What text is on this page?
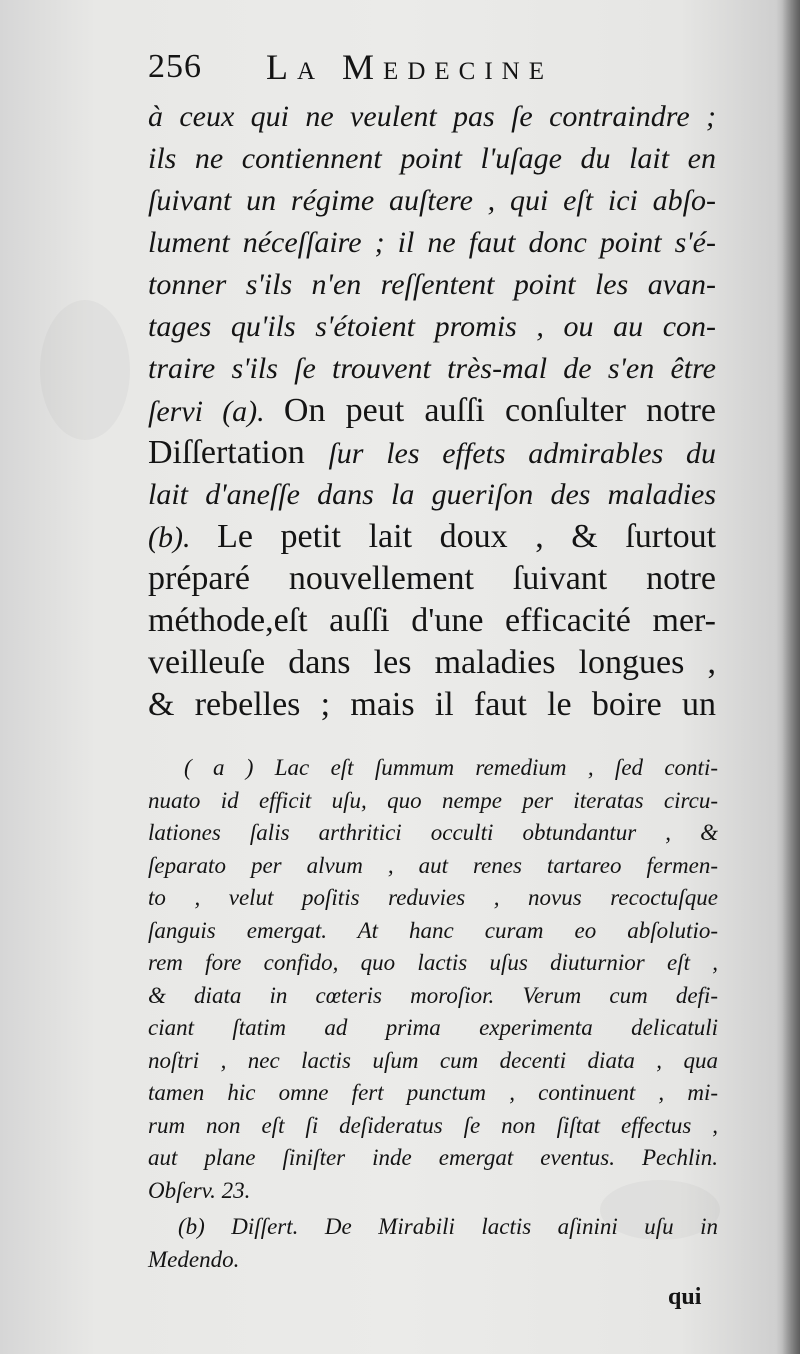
256 La Medecine
à ceux qui ne veulent pas ſe contraindre ;
ils ne contiennent point l'uſage du lait en
ſuivant un régime auſtere , qui eſt ici abſo-
lument néceſſaire ; il ne faut donc point s'é-
tonner s'ils n'en reſſentent point les avan-
tages qu'ils s'étoient promis , ou au con-
traire s'ils ſe trouvent très-mal de s'en être
ſervi (a). On peut auſſi conſulter notre
Diſſertation ſur les effets admirables du
lait d'aneſſe dans la gueriſon des maladies
(b). Le petit lait doux , & ſurtout
préparé nouvellement ſuivant notre
méthode,eſt auſſi d'une efficacité mer-
veilleuſe dans les maladies longues ,
& rebelles ; mais il faut le boire un
( a ) Lac eſt ſummum remedium , ſed conti-
nuato id efficit uſu, quo nempe per iteratas circu-
lationes ſalis arthritici occulti obtundantur , &
ſeparato per alvum , aut renes tartareo fermen-
to , velut poſitis reduvies , novus recoctuſque
ſanguis emergat. At hanc curam eo abſolutio-
rem fore confido, quo lactis uſus diuturnior eſt ,
& diata in cœteris moroſior. Verum cum defi-
ciant ſtatim ad prima experimenta delicatuli
noſtri , nec lactis uſum cum decenti diata , qua
tamen hic omne fert punctum , continuent , mi-
rum non eſt ſi deſideratus ſe non ſiſtat effectus ,
aut plane ſiniſter inde emergat eventus. Pechlin.
Obſerv. 23.
(b) Diſſert. De Mirabili lactis aſinini uſu in
Medendo.
qui
